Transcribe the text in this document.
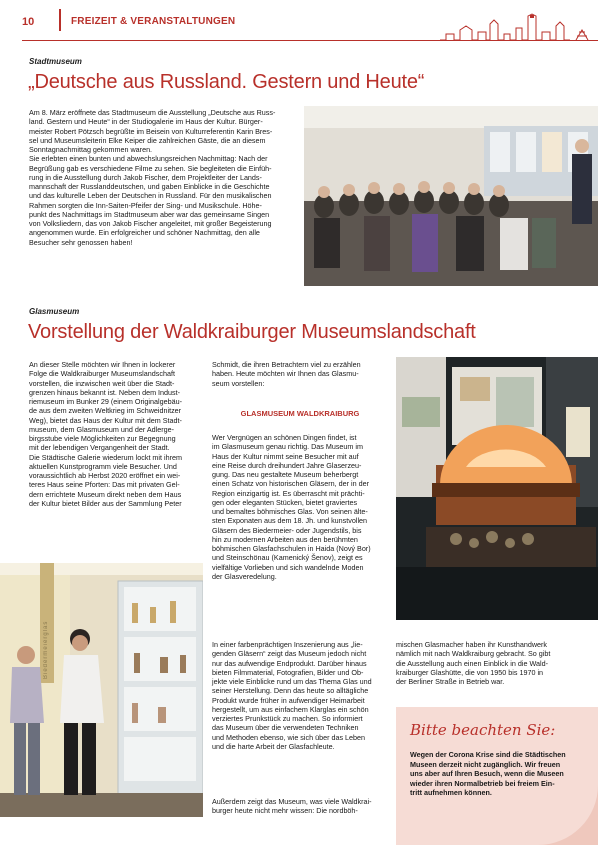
10	FREIZEIT & VERANSTALTUNGEN
Stadtmuseum
„Deutsche aus Russland. Gestern und Heute“

Am 8. März eröffnete das Stadtmuseum die Ausstellung „Deutsche aus Russ-

land. Gestern und Heute“ in der Studiogalerie im Haus der Kultur. Bürger-

meister Robert Pötzsch begrüßte im Beisein von Kulturreferentin Karin Bres-

sel und Museumsleiterin Elke Keiper die zahlreichen Gäste, die an diesem

Sonntagnachmittag gekommen waren.

Sie erlebten einen bunten und abwechslungsreichen Nachmittag: Nach der

Begrüßung gab es verschiedene Filme zu sehen. Sie begleiteten die Einfüh-

rung in die Ausstellung durch Jakob Fischer, dem Projektleiter der Lands-

mannschaft der Russlanddeutschen, und gaben Einblicke in die Geschichte

und das kulturelle Leben der Deutschen in Russland. Für den musikalischen

Rahmen sorgten die Inn-Saiten-Pfeifer der Sing- und Musikschule. Höhe-

punkt des Nachmittags im Stadtmuseum aber war das gemeinsame Singen

von Volksliedern, das von Jakob Fischer angeleitet, mit großer Begeisterung

angenommen wurde. Ein erfolgreicher und schöner Nachmittag, den alle

Besucher sehr genossen haben!

Glasmuseum
Vorstellung der Waldkraiburger Museumslandschaft

An dieser Stelle möchten wir Ihnen in lockerer

Folge die Waldkraiburger Museumslandschaft

vorstellen, die inzwischen weit über die Stadt-

grenzen hinaus bekannt ist. Neben dem Indust-

riemuseum im Bunker 29 (einem Originalgebäu-

de aus dem zweiten Weltkrieg im Schweidnitzer

Weg), bietet das Haus der Kultur mit dem Stadt-

museum, dem Glasmuseum und der Adlerge-

birgsstube viele Möglichkeiten zur Begegnung

mit der lebendigen Vergangenheit der Stadt.

Die Städtische Galerie wiederum lockt mit ihrem

aktuellen Kunstprogramm viele Besucher. Und

voraussichtlich ab Herbst 2020 eröffnet ein wei-

teres Haus seine Pforten: Das mit privaten Gel-

dern errichtete Museum direkt neben dem Haus

der Kultur bietet Bilder aus der Sammlung Peter

Biedermeierglas

Schmidt, die ihren Betrachtern viel zu erzählen

haben. Heute möchten wir Ihnen das Glasmu-

seum vorstellen:

GLASMUSEUM WALDKRAIBURG

Wer Vergnügen an schönen Dingen findet, ist

im Glasmuseum genau richtig. Das Museum im

Haus der Kultur nimmt seine Besucher mit auf

eine Reise durch dreihundert Jahre Glaserzeu-

gung. Das neu gestaltete Museum beherbergt

einen Schatz von historischen Gläsern, der in der

Region einzigartig ist. Es überrascht mit prächti-

gen oder eleganten Stücken, bietet graviertes

und bemaltes böhmisches Glas. Von seinen älte-

sten Exponaten aus dem 18. Jh. und kunstvollen

Gläsern des Biedermeier- oder Jugendstils, bis

hin zu modernen Arbeiten aus den berühmten

böhmischen Glasfachschulen in Haida (Nový Bor)

und Steinschönau (Kamenický Šenov), zeigt es

vielfältige Vorlieben und sich wandelnde Moden

der Glasveredelung.

In einer farbenprächtigen Inszenierung aus „lie-

genden Gläsern“ zeigt das Museum jedoch nicht

nur das aufwendige Endprodukt. Darüber hinaus

bieten Filmmaterial, Fotografien, Bilder und Ob-

jekte viele Einblicke rund um das Thema Glas und

seiner Herstellung. Denn das heute so alltägliche

Produkt wurde früher in aufwendiger Heimarbeit

hergestellt, um aus einfachem Klarglas ein schön

verziertes Prunkstück zu machen. So informiert

das Museum über die verwendeten Techniken

und Methoden ebenso, wie sich über das Leben

und die harte Arbeit der Glasfachleute.

Außerdem zeigt das Museum, was viele Waldkrai-

burger heute nicht mehr wissen: Die nordböh-

mischen Glasmacher haben ihr Kunsthandwerk

nämlich mit nach Waldkraiburg gebracht. So gibt

die Ausstellung auch einen Einblick in die Wald-

kraiburger Glashütte, die von 1950 bis 1970 in

der Berliner Straße in Betrieb war.

Bitte beachten Sie:

Wegen der Corona Krise sind die Städtischen

Museen derzeit nicht zugänglich. Wir freuen

uns aber auf Ihren Besuch, wenn die Museen

wieder ihren Normalbetrieb bei freiem Ein-

tritt aufnehmen können.
